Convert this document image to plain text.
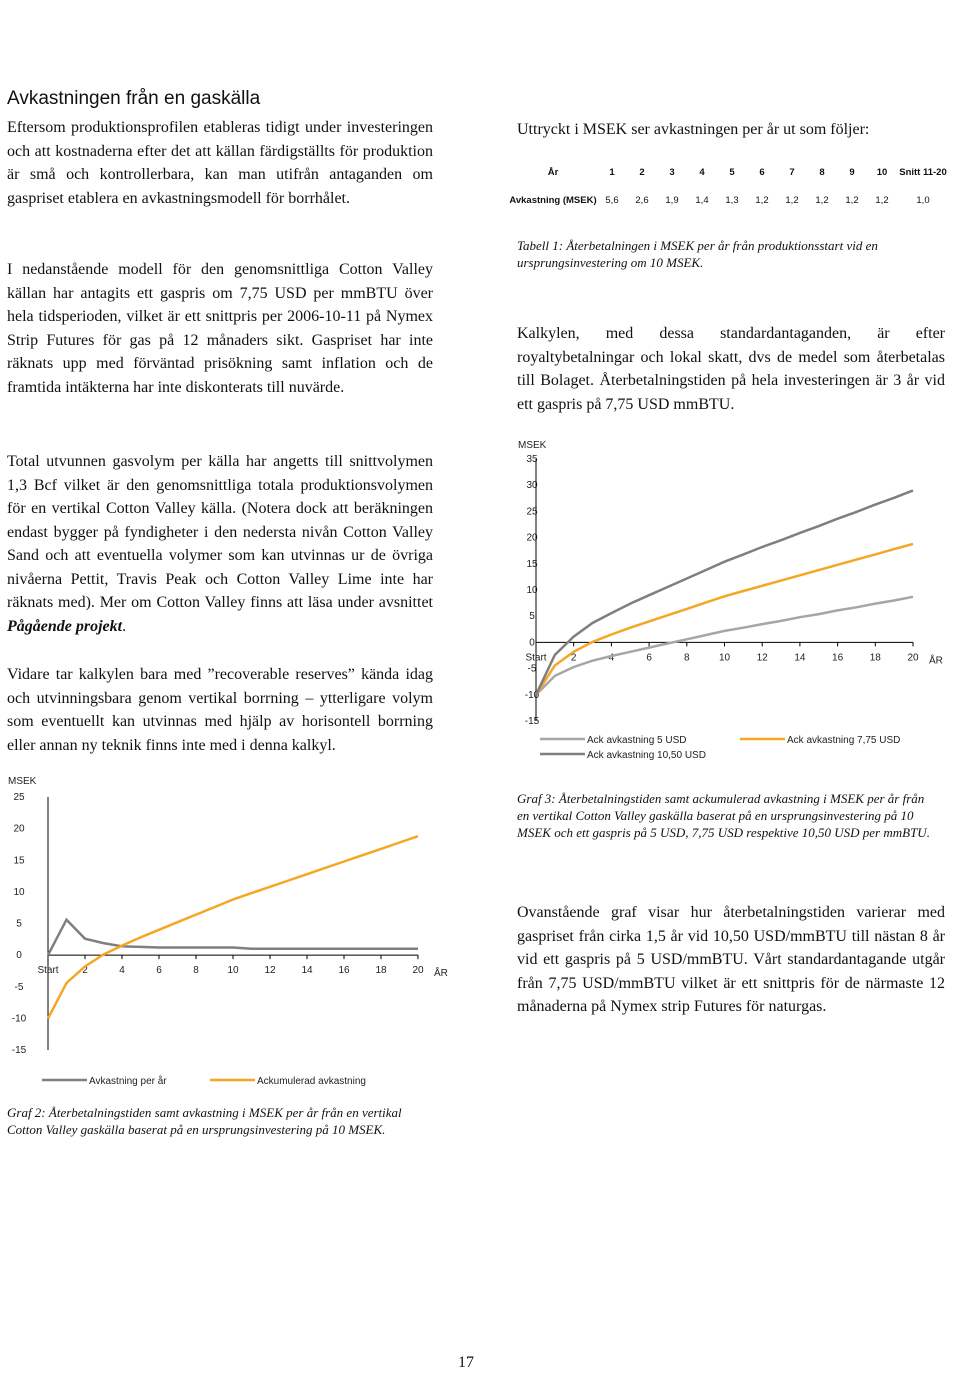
Avkastningen från en gaskälla

Eftersom produktionsprofilen etableras tidigt under investeringen och att kostnaderna efter det att källan färdigställts för produktion är små och kontrollerbara, kan man utifrån antaganden om gaspriset etablera en avkastningsmodell för borrhålet.

I nedanstående modell för den genomsnittliga Cotton Valley källan har antagits ett gaspris om 7,75 USD per mmBTU över hela tidsperioden, vilket är ett snittpris per 2006-10-11 på Nymex Strip Futures för gas på 12 månaders sikt. Gaspriset har inte räknats upp med förväntad prisökning samt inflation och de framtida intäkterna har inte diskonterats till nuvärde.

Total utvunnen gasvolym per källa har angetts till snittvolymen 1,3 Bcf vilket är den genomsnittliga totala produktionsvolymen för en vertikal Cotton Valley källa. (Notera dock att beräkningen endast bygger på fyndigheter i den nedersta nivån Cotton Valley Sand och att eventuella volymer som kan utvinnas ur de övriga nivåerna Pettit, Travis Peak och Cotton Valley Lime inte har räknats med). Mer om Cotton Valley finns att läsa under avsnittet Pågående projekt.

Vidare tar kalkylen bara med ”recoverable reserves” kända idag och utvinningsbara genom vertikal borrning – ytterligare volym som eventuellt kan utvinnas med hjälp av horisontell borrning eller annan ny teknik finns inte med i denna kalkyl.

MSEK
25
20
15
10
5
0
-5
-10
-15
Start 2	4	6	8	10	12	14	16	18	20 ÅR
Avkastning per år	Ackumulerad avkastning
Graf 2: Återbetalningstiden samt avkastning i MSEK per år från en vertikal Cotton Valley gaskälla baserat på en ursprungsinvestering på 10 MSEK.

Uttryckt i MSEK ser avkastningen per år ut som följer:

År	1	2	3	4	5	6	7	8	9	10	Snitt 11-20
Avkastning (MSEK)	5,6	2,6	1,9	1,4	1,3	1,2	1,2	1,2	1,2	1,2	1,0
Tabell 1: Återbetalningen i MSEK per år från produktionsstart vid en ursprungsinvestering om 10 MSEK.

Kalkylen, med dessa standardantaganden, är efter royaltybetalningar och lokal skatt, dvs de medel som återbetalas till Bolaget. Återbetalningstiden på hela investeringen är 3 år vid ett gaspris på 7,75 USD mmBTU.

MSEK
35
30
25
20
15
10
5
0
-5
-10
-15
Start 2	4	6	8	10	12	14	16	18	20 ÅR
Ack avkastning 5 USD	Ack avkastning 7,75 USD
Ack avkastning 10,50 USD
Graf 3: Återbetalningstiden samt ackumulerad avkastning i MSEK per år från en vertikal Cotton Valley gaskälla baserat på en ursprungsinvestering på 10 MSEK och ett gaspris på 5 USD, 7,75 USD respektive 10,50 USD per mmBTU.

Ovanstående graf visar hur återbetalningstiden varierar med gaspriset från cirka 1,5 år vid 10,50 USD/mmBTU till nästan 8 år vid ett gaspris på 5 USD/mmBTU. Vårt standardantagande utgår från 7,75 USD/mmBTU vilket är ett snittpris för de närmaste 12 månaderna på Nymex strip Futures för naturgas.

17
